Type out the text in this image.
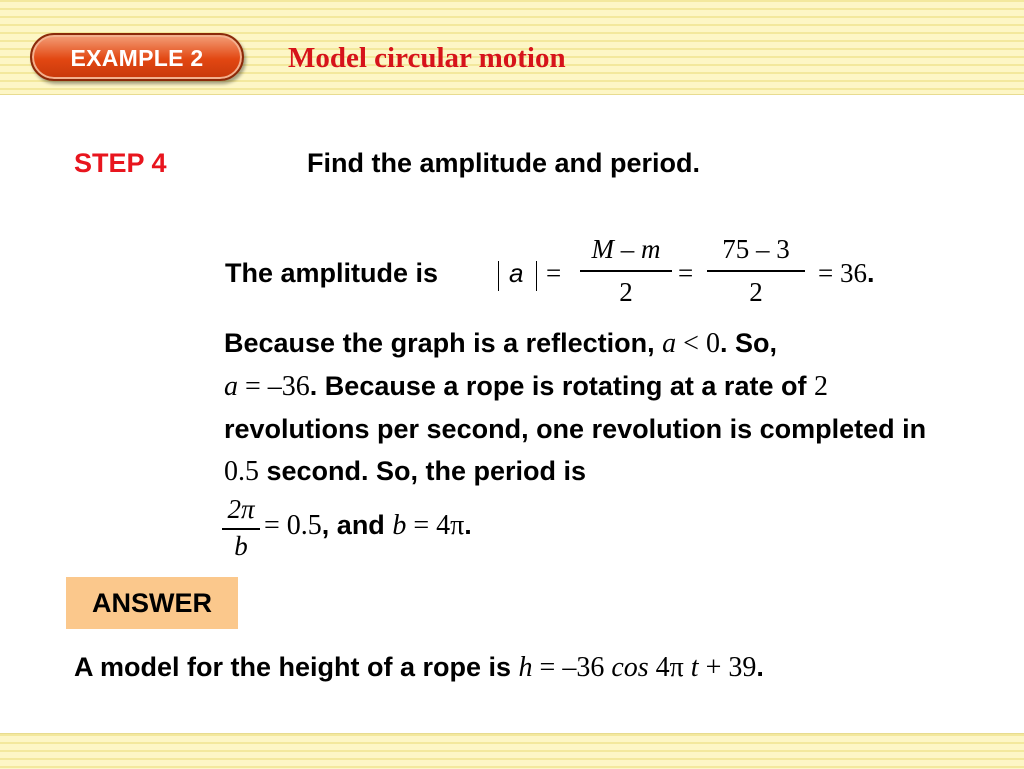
EXAMPLE 2	Model circular motion
STEP 4	Find the amplitude and period.
The amplitude is	a =
M – m
2
=
75 – 3
2
= 36.
Because the graph is a reflection, a < 0. So,
a = –36. Because a rope is rotating at a rate of 2 revolutions per second, one revolution is completed in 0.5 second. So, the period is
2π
b
= 0.5, and b = 4π.
ANSWER
A model for the height of a rope is h = –36 cos 4π t + 39.
